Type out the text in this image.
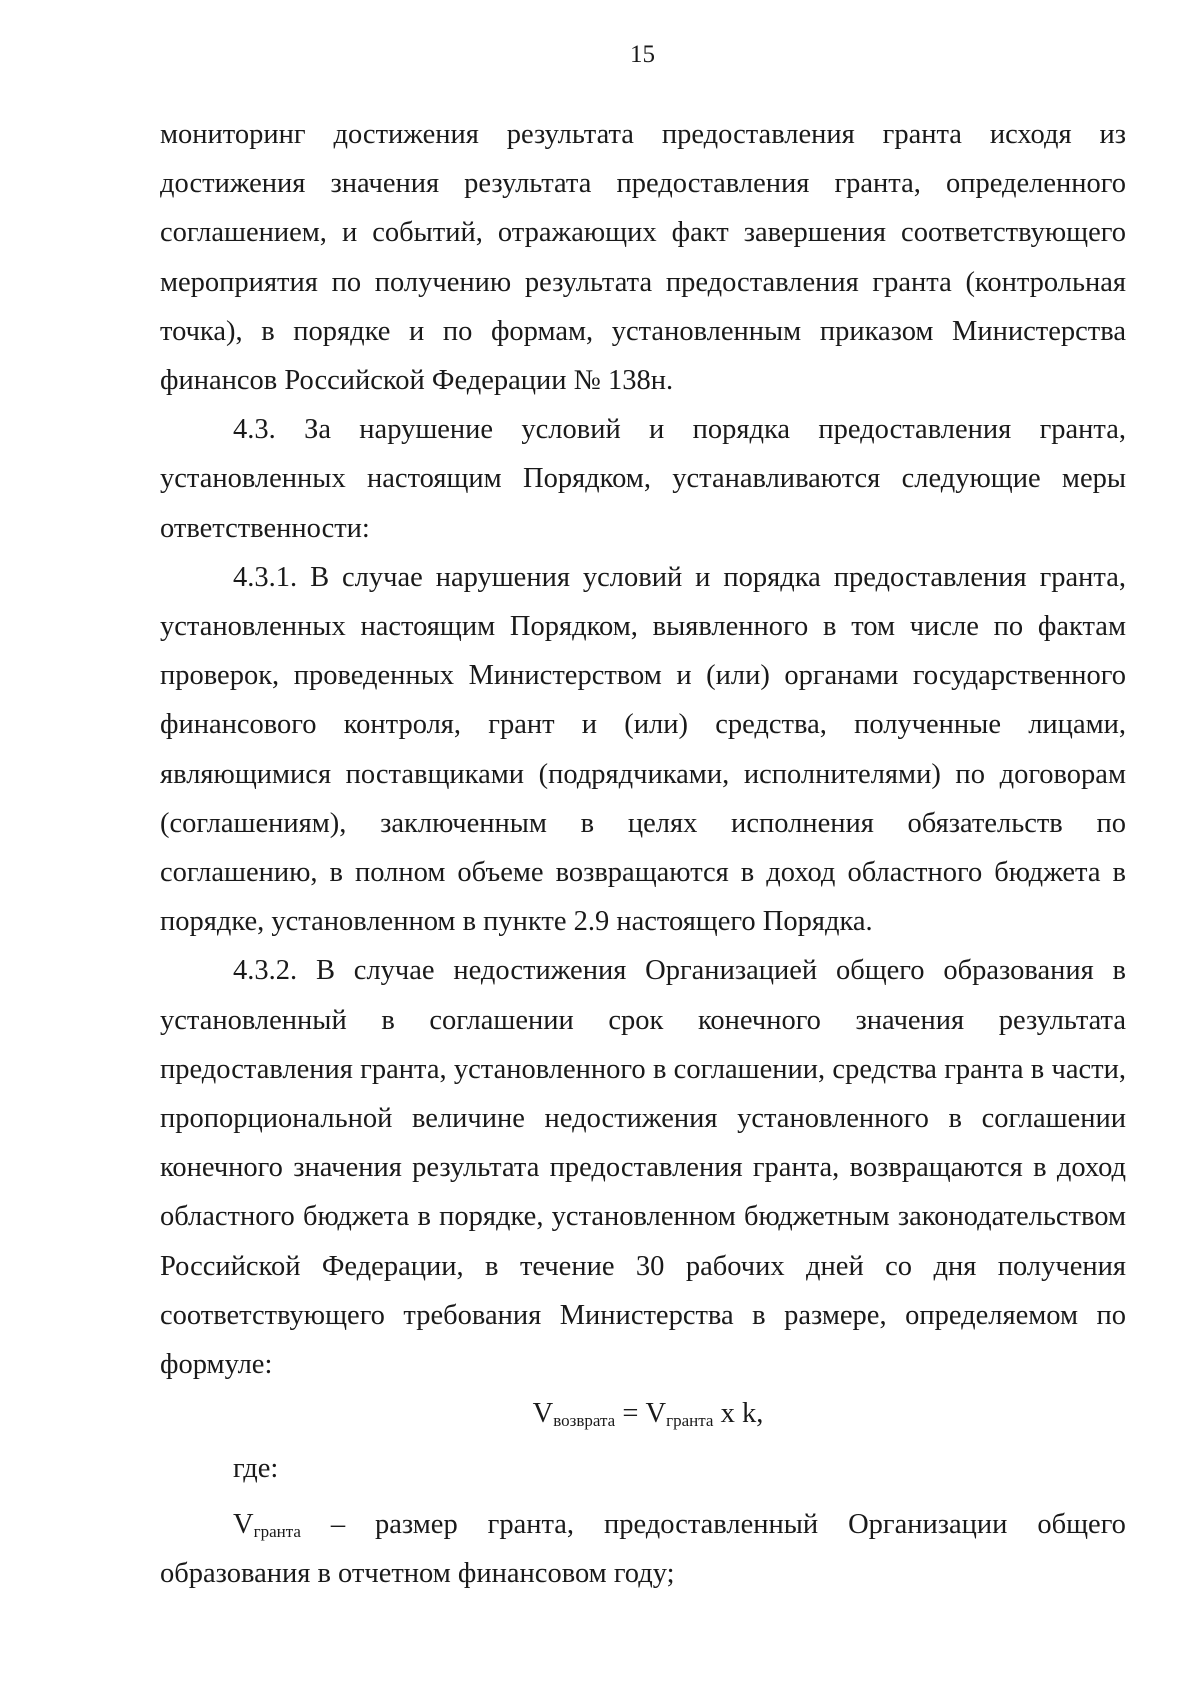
15

мониторинг достижения результата предоставления гранта исходя из достижения значения результата предоставления гранта, определенного соглашением, и событий, отражающих факт завершения соответствующего мероприятия по получению результата предоставления гранта (контрольная точка), в порядке и по формам, установленным приказом Министерства финансов Российской Федерации № 138н.

4.3. За нарушение условий и порядка предоставления гранта, установленных настоящим Порядком, устанавливаются следующие меры ответственности:

4.3.1. В случае нарушения условий и порядка предоставления гранта, установленных настоящим Порядком, выявленного в том числе по фактам проверок, проведенных Министерством и (или) органами государственного финансового контроля, грант и (или) средства, полученные лицами, являющимися поставщиками (подрядчиками, исполнителями) по договорам (соглашениям), заключенным в целях исполнения обязательств по соглашению, в полном объеме возвращаются в доход областного бюджета в порядке, установленном в пункте 2.9 настоящего Порядка.

4.3.2. В случае недостижения Организацией общего образования в установленный в соглашении срок конечного значения результата предоставления гранта, установленного в соглашении, средства гранта в части, пропорциональной величине недостижения установленного в соглашении конечного значения результата предоставления гранта, возвращаются в доход областного бюджета в порядке, установленном бюджетным законодательством Российской Федерации, в течение 30 рабочих дней со дня получения соответствующего требования Министерства в размере, определяемом по формуле:

$V_{возврата} = V_{гранта}$ x k,

где:

$V_{гранта}$ – размер гранта, предоставленный Организации общего

образования в отчетном финансовом году;
